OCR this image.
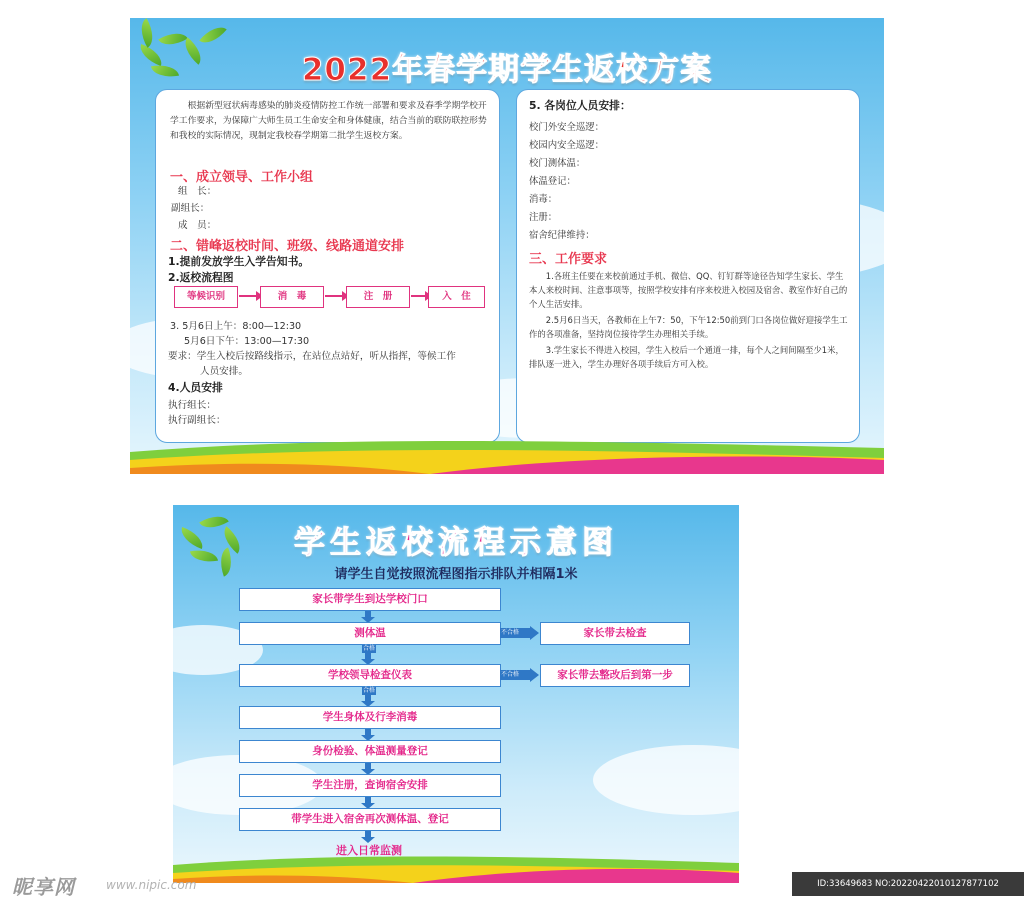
2022年春学期学生返校方案

根据新型冠状病毒感染的肺炎疫情防控工作统一部署和要求及春季学期学校开学工作要求，为保障广大师生员工生命安全和身体健康，结合当前的联防联控形势和我校的实际情况，现制定我校春学期第二批学生返校方案。

一、成立领导、工作小组
组　长：
副组长：
成　员：
二、错峰返校时间、班级、线路通道安排
1.提前发放学生入学告知书。
2.返校流程图
等候识别	消　毒	注　册	入　住
3. 5月6日上午：8:00—12:30
5月6日下午：13:00—17:30
要求：学生入校后按路线指示，在站位点站好，听从指挥，等候工作
人员安排。
4.人员安排
执行组长：
执行副组长：
5. 各岗位人员安排：
校门外安全巡逻：
校园内安全巡逻：
校门测体温：
体温登记：
消毒：
注册：
宿舍纪律维持：
三、工作要求

1.各班主任要在来校前通过手机、微信、QQ、钉钉群等途径告知学生家长、学生本人来校时间、注意事项等，按照学校安排有序来校进入校园及宿舍、教室作好自己的个人生活安排。

2.5月6日当天，各教师在上午7：50，下午12:50前到门口各岗位做好迎接学生工作的各项准备，坚持岗位接待学生办理相关手续。

3.学生家长不得进入校园，学生入校后一个通道一排，每个人之间间隔至少1米，排队逐一进入，学生办理好各项手续后方可入校。

学生返校流程示意图
请学生自觉按照流程图指示排队并相隔1米
家长带学生到达学校门口
测体温	不合格	家长带去检查
合格
学校领导检查仪表	不合格	家长带去整改后到第一步
合格
学生身体及行李消毒
身份检验、体温测量登记
学生注册，查询宿舍安排
带学生进入宿舍再次测体温、登记
进入日常监测
昵享网	www.nipic.com	ID:33649683 NO:20220422010127877102
